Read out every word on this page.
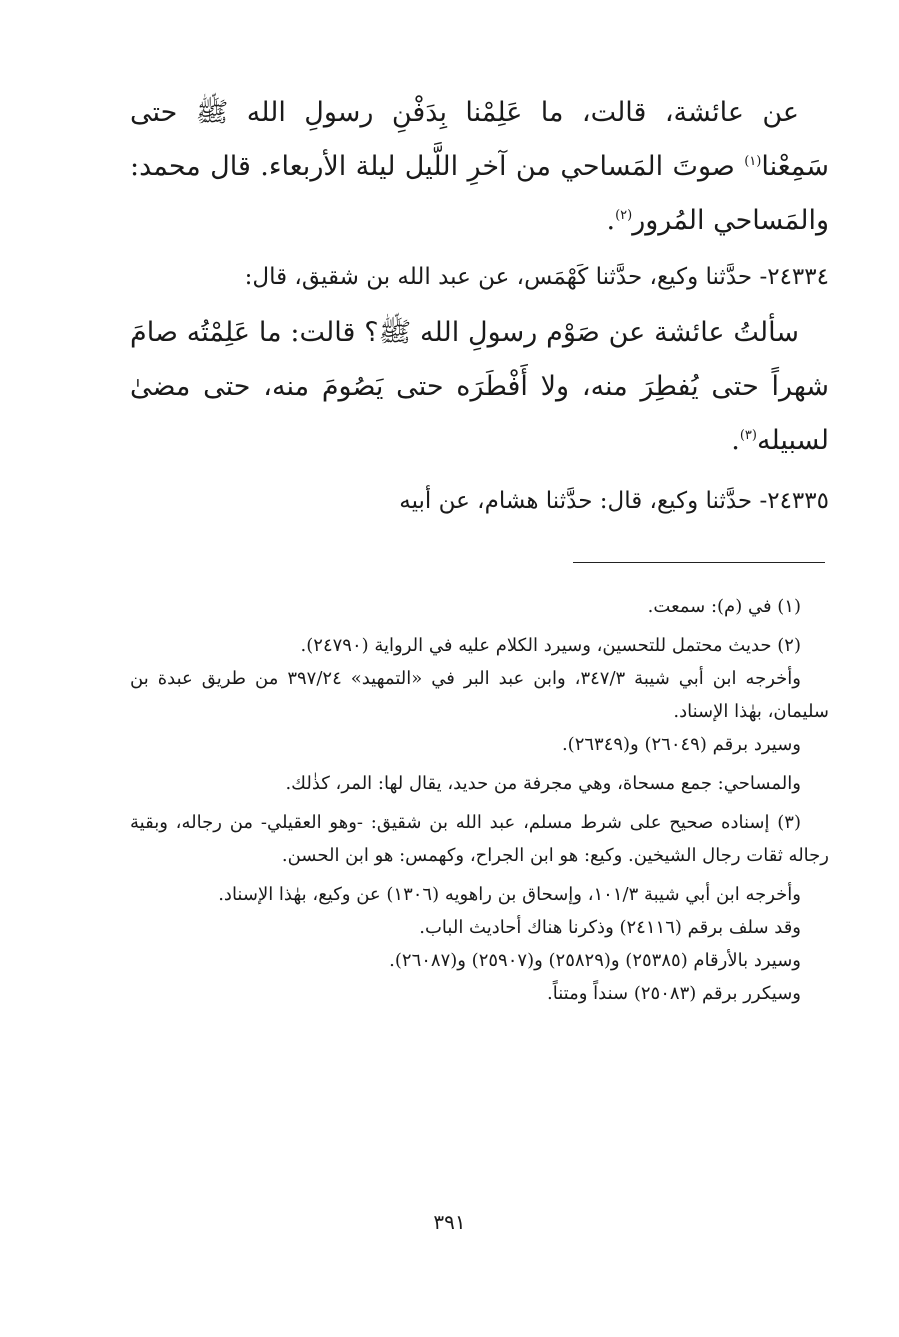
عن عائشة، قالت، ما عَلِمْنا بِدَفْنِ رسولِ الله ﷺ حتى سَمِعْنا$^{(١)}$ صوتَ المَساحي من آخرِ اللَّيل ليلة الأربعاء. قال محمد: والمَساحي المُرور$^{(٢)}$.

٢٤٣٣٤- حدَّثنا وكيع، حدَّثنا كَهْمَس، عن عبد الله بن شقيق، قال:

سألتُ عائشة عن صَوْم رسولِ الله ﷺ؟ قالت: ما عَلِمْتُه صامَ شهراً حتى يُفطِرَ منه، ولا أَفْطَرَه حتى يَصُومَ منه، حتى مضىٰ لسبيله$^{(٣)}$.

٢٤٣٣٥- حدَّثنا وكيع، قال: حدَّثنا هشام، عن أبيه

(١) في (م): سمعت.

(٢) حديث محتمل للتحسين، وسيرد الكلام عليه في الرواية (٢٤٧٩٠).

وأخرجه ابن أبي شيبة ٣٤٧/٣، وابن عبد البر في «التمهيد» ٣٩٧/٢٤ من طريق عبدة بن سليمان، بهٰذا الإسناد.

وسيرد برقم (٢٦٠٤٩) و(٢٦٣٤٩).

والمساحي: جمع مسحاة، وهي مجرفة من حديد، يقال لها: المر، كذٰلك.

(٣) إسناده صحيح على شرط مسلم، عبد الله بن شقيق: -وهو العقيلي- من رجاله، وبقية رجاله ثقات رجال الشيخين. وكيع: هو ابن الجراح، وكهمس: هو ابن الحسن.

وأخرجه ابن أبي شيبة ١٠١/٣، وإسحاق بن راهويه (١٣٠٦) عن وكيع، بهٰذا الإسناد.

وقد سلف برقم (٢٤١١٦) وذكرنا هناك أحاديث الباب.

وسيرد بالأرقام (٢٥٣٨٥) و(٢٥٨٢٩) و(٢٥٩٠٧) و(٢٦٠٨٧).

وسيكرر برقم (٢٥٠٨٣) سنداً ومتناً.

٣٩١
